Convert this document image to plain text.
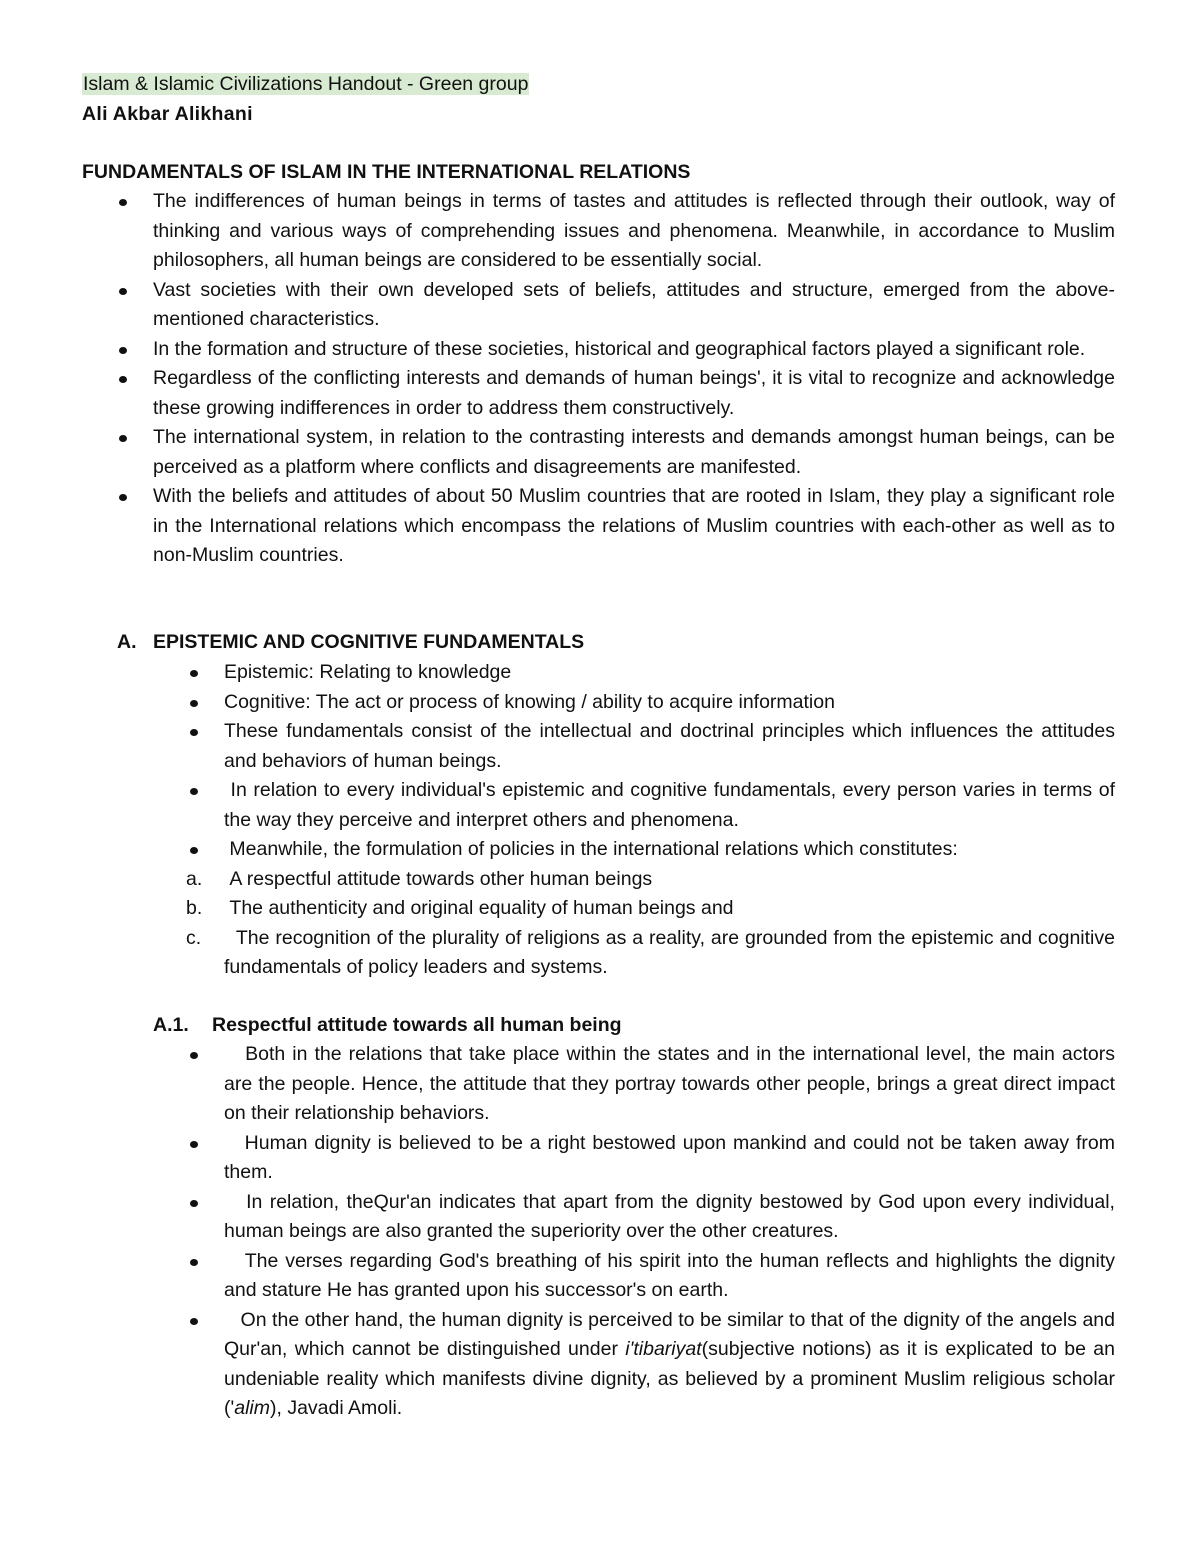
Islam & Islamic Civilizations Handout - Green group
Ali Akbar Alikhani
FUNDAMENTALS OF ISLAM IN THE INTERNATIONAL RELATIONS
The indifferences of human beings in terms of tastes and attitudes is reflected through their outlook, way of thinking and various ways of comprehending issues and phenomena. Meanwhile, in accordance to Muslim philosophers, all human beings are considered to be essentially social.
Vast societies with their own developed sets of beliefs, attitudes and structure, emerged from the above-mentioned characteristics.
In the formation and structure of these societies, historical and geographical factors played a significant role.
Regardless of the conflicting interests and demands of human beings', it is vital to recognize and acknowledge these growing indifferences in order to address them constructively.
The international system, in relation to the contrasting interests and demands amongst human beings, can be perceived as a platform where conflicts and disagreements are manifested.
With the beliefs and attitudes of about 50 Muslim countries that are rooted in Islam, they play a significant role in the International relations which encompass the relations of Muslim countries with each-other as well as to non-Muslim countries.
A. EPISTEMIC AND COGNITIVE FUNDAMENTALS
Epistemic: Relating to knowledge
Cognitive: The act or process of knowing / ability to acquire information
These fundamentals consist of the intellectual and doctrinal principles which influences the attitudes and behaviors of human beings.
In relation to every individual's epistemic and cognitive fundamentals, every person varies in terms of the way they perceive and interpret others and phenomena.
Meanwhile, the formulation of policies in the international relations which constitutes:
a. A respectful attitude towards other human beings
b. The authenticity and original equality of human beings and
c. The recognition of the plurality of religions as a reality, are grounded from the epistemic and cognitive fundamentals of policy leaders and systems.
A.1. Respectful attitude towards all human being
Both in the relations that take place within the states and in the international level, the main actors are the people. Hence, the attitude that they portray towards other people, brings a great direct impact on their relationship behaviors.
Human dignity is believed to be a right bestowed upon mankind and could not be taken away from them.
In relation, theQur'an indicates that apart from the dignity bestowed by God upon every individual, human beings are also granted the superiority over the other creatures.
The verses regarding God's breathing of his spirit into the human reflects and highlights the dignity and stature He has granted upon his successor's on earth.
On the other hand, the human dignity is perceived to be similar to that of the dignity of the angels and Qur'an, which cannot be distinguished under i'tibariyat(subjective notions) as it is explicated to be an undeniable reality which manifests divine dignity, as believed by a prominent Muslim religious scholar ('alim), Javadi Amoli.
